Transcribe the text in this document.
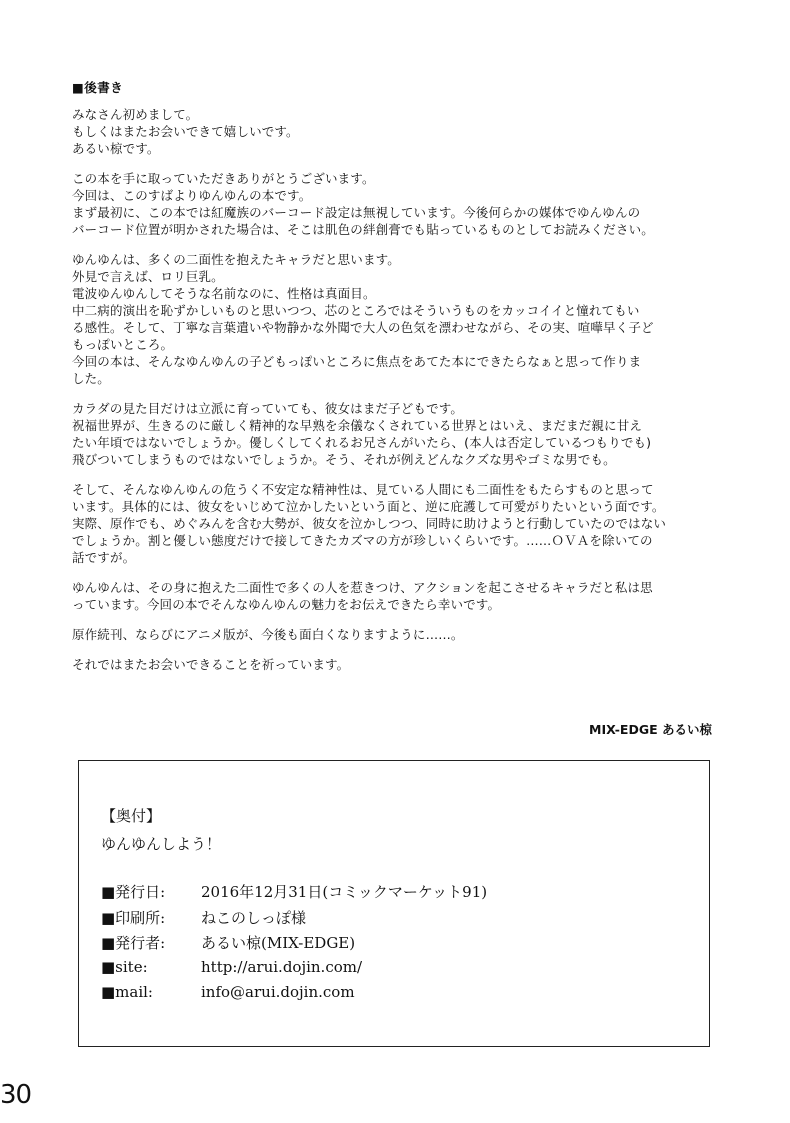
■後書き
みなさん初めまして。
もしくはまたお会いできて嬉しいです。
あるい椋です。
この本を手に取っていただきありがとうございます。
今回は、このすばよりゆんゆんの本です。
まず最初に、この本では紅魔族のバーコード設定は無視しています。今後何らかの媒体でゆんゆんの
バーコード位置が明かされた場合は、そこは肌色の絆創膏でも貼っているものとしてお読みください。
ゆんゆんは、多くの二面性を抱えたキャラだと思います。
外見で言えば、ロリ巨乳。
電波ゆんゆんしてそうな名前なのに、性格は真面目。
中二病的演出を恥ずかしいものと思いつつ、芯のところではそういうものをカッコイイと憧れてもい
る感性。そして、丁寧な言葉遣いや物静かな外聞で大人の色気を漂わせながら、その実、喧嘩早く子ど
もっぽいところ。
今回の本は、そんなゆんゆんの子どもっぽいところに焦点をあてた本にできたらなぁと思って作りま
した。
カラダの見た目だけは立派に育っていても、彼女はまだ子どもです。
祝福世界が、生きるのに厳しく精神的な早熟を余儀なくされている世界とはいえ、まだまだ親に甘え
たい年頃ではないでしょうか。優しくしてくれるお兄さんがいたら、(本人は否定しているつもりでも)
飛びついてしまうものではないでしょうか。そう、それが例えどんなクズな男やゴミな男でも。
そして、そんなゆんゆんの危うく不安定な精神性は、見ている人間にも二面性をもたらすものと思って
います。具体的には、彼女をいじめて泣かしたいという面と、逆に庇護して可愛がりたいという面です。
実際、原作でも、めぐみんを含む大勢が、彼女を泣かしつつ、同時に助けようと行動していたのではない
でしょうか。割と優しい態度だけで接してきたカズマの方が珍しいくらいです。……ＯＶＡを除いての
話ですが。
ゆんゆんは、その身に抱えた二面性で多くの人を惹きつけ、アクションを起こさせるキャラだと私は思
っています。今回の本でそんなゆんゆんの魅力をお伝えできたら幸いです。
原作続刊、ならびにアニメ版が、今後も面白くなりますように……。
それではまたお会いできることを祈っています。
MIX-EDGE あるい椋
【奥付】
ゆんゆんしよう！
■発行日:	2016年12月31日(コミックマーケット91)
■印刷所:	ねこのしっぽ様
■発行者:	あるい椋(MIX-EDGE)
■site:	http://arui.dojin.com/
■mail:	info@arui.dojin.com
30
